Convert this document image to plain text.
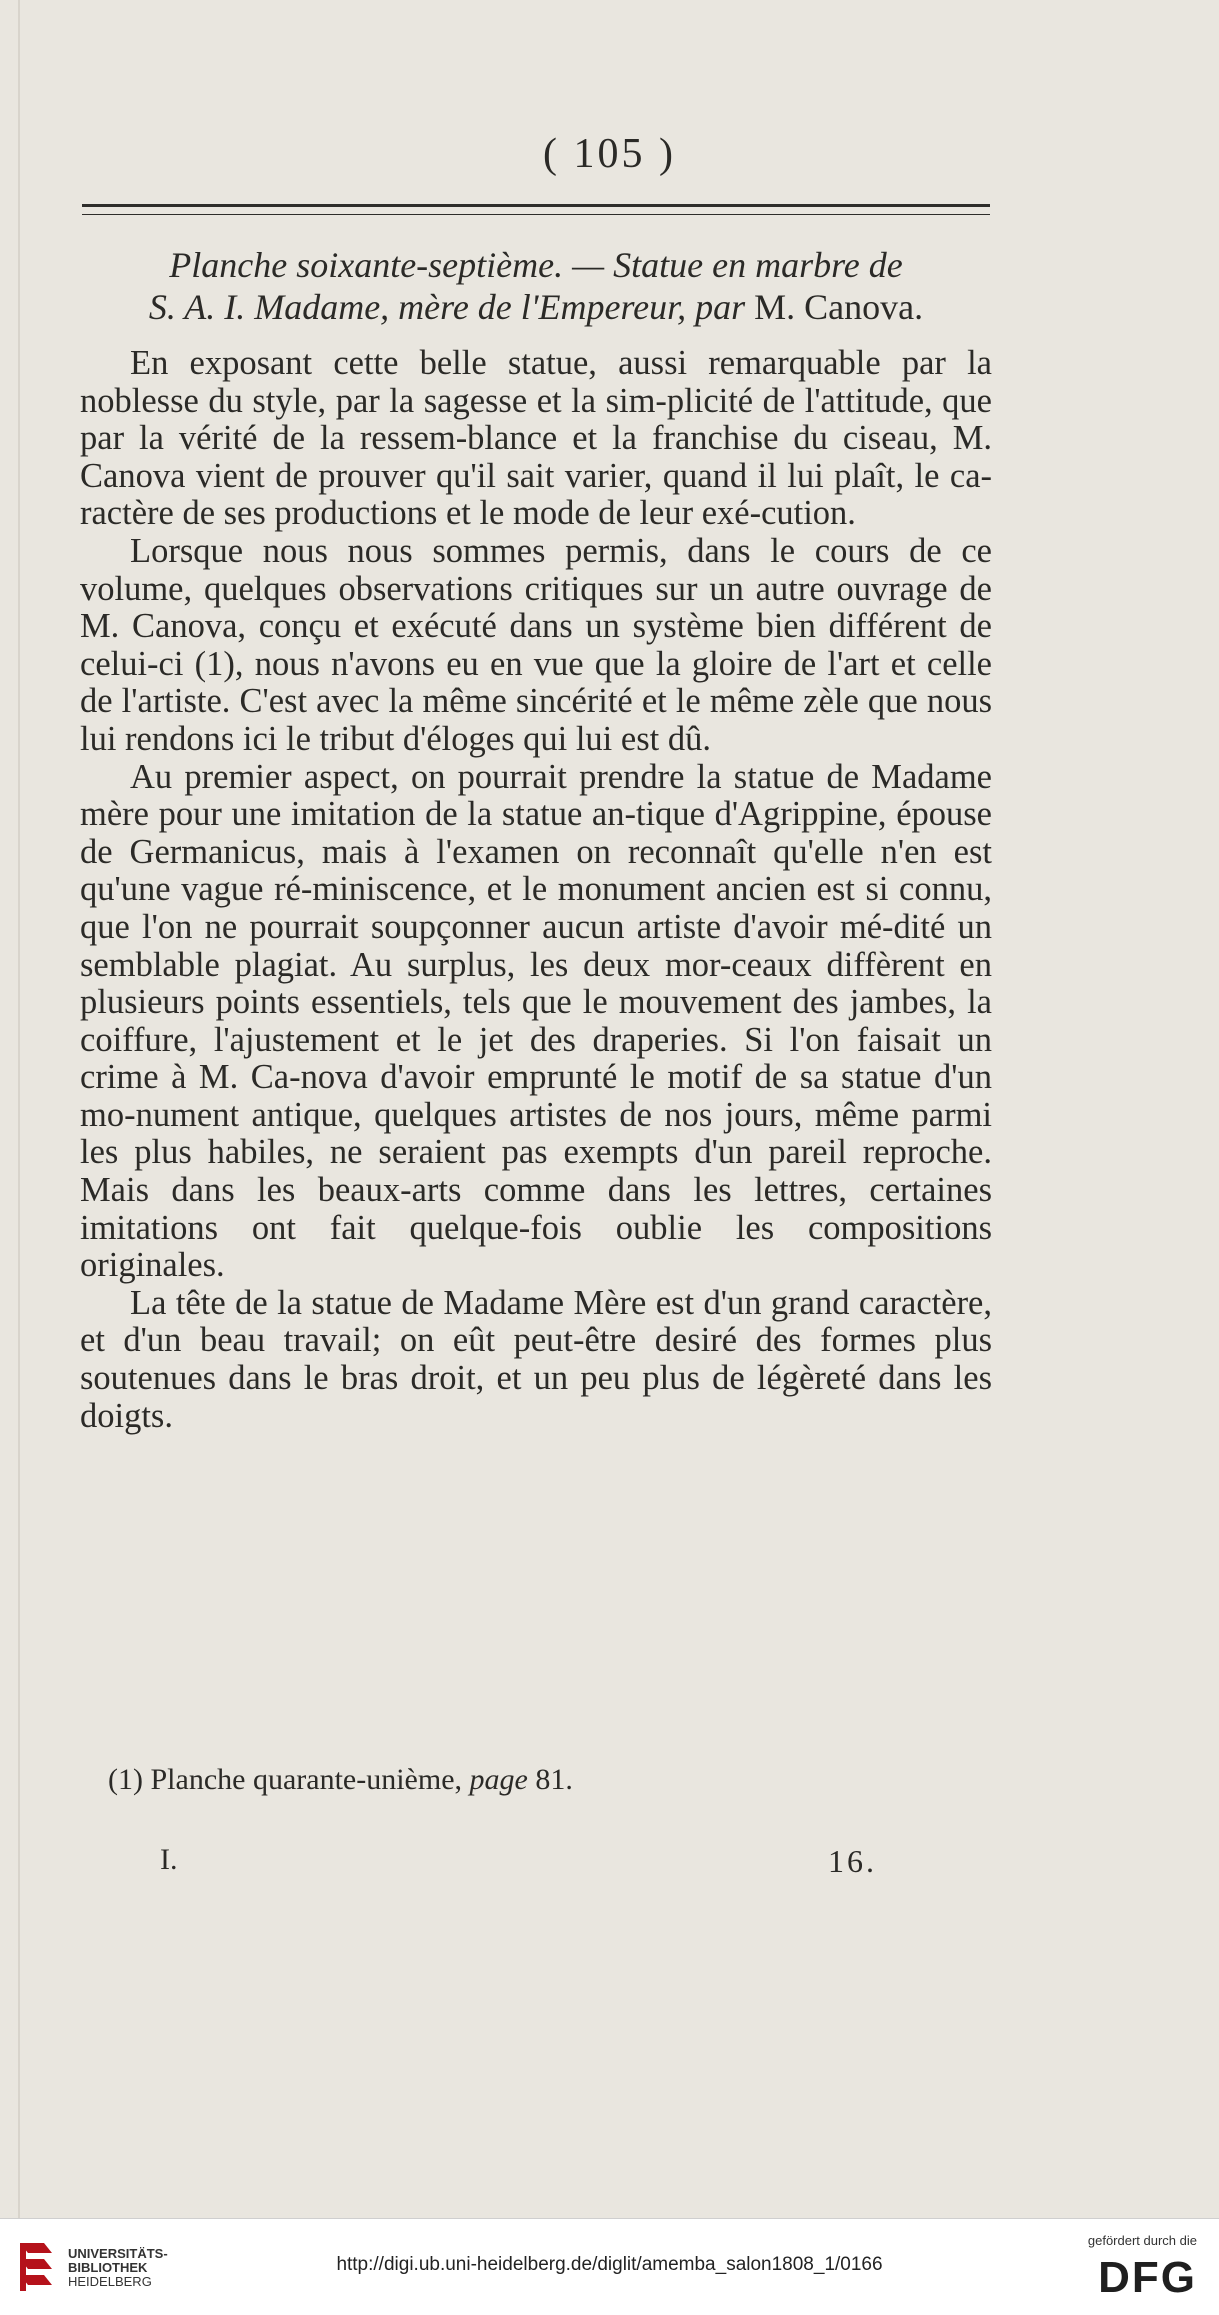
( 105 )
Planche soixante-septième. — Statue en marbre de
S. A. I. Madame, mère de l'Empereur, par M. Canova.

En exposant cette belle statue, aussi remarquable par la noblesse du style, par la sagesse et la sim-plicité de l'attitude, que par la vérité de la ressem-blance et la franchise du ciseau, M. Canova vient de prouver qu'il sait varier, quand il lui plaît, le ca-ractère de ses productions et le mode de leur exé-cution.

Lorsque nous nous sommes permis, dans le cours de ce volume, quelques observations critiques sur un autre ouvrage de M. Canova, conçu et exécuté dans un système bien différent de celui-ci (1), nous n'avons eu en vue que la gloire de l'art et celle de l'artiste. C'est avec la même sincérité et le même zèle que nous lui rendons ici le tribut d'éloges qui lui est dû.

Au premier aspect, on pourrait prendre la statue de Madame mère pour une imitation de la statue an-tique d'Agrippine, épouse de Germanicus, mais à l'examen on reconnaît qu'elle n'en est qu'une vague ré-miniscence, et le monument ancien est si connu, que l'on ne pourrait soupçonner aucun artiste d'avoir mé-dité un semblable plagiat. Au surplus, les deux mor-ceaux diffèrent en plusieurs points essentiels, tels que le mouvement des jambes, la coiffure, l'ajustement et le jet des draperies. Si l'on faisait un crime à M. Ca-nova d'avoir emprunté le motif de sa statue d'un mo-nument antique, quelques artistes de nos jours, même parmi les plus habiles, ne seraient pas exempts d'un pareil reproche. Mais dans les beaux-arts comme dans les lettres, certaines imitations ont fait quelque-fois oublie les compositions originales.

La tête de la statue de Madame Mère est d'un grand caractère, et d'un beau travail; on eût peut-être desiré des formes plus soutenues dans le bras droit, et un peu plus de légèreté dans les doigts.

(1) Planche quarante-unième, page 81.
I.	16.
UNIVERSITÄTS-
BIBLIOTHEK
HEIDELBERG
http://digi.ub.uni-heidelberg.de/diglit/amemba_salon1808_1/0166
gefördert durch die
DFG
